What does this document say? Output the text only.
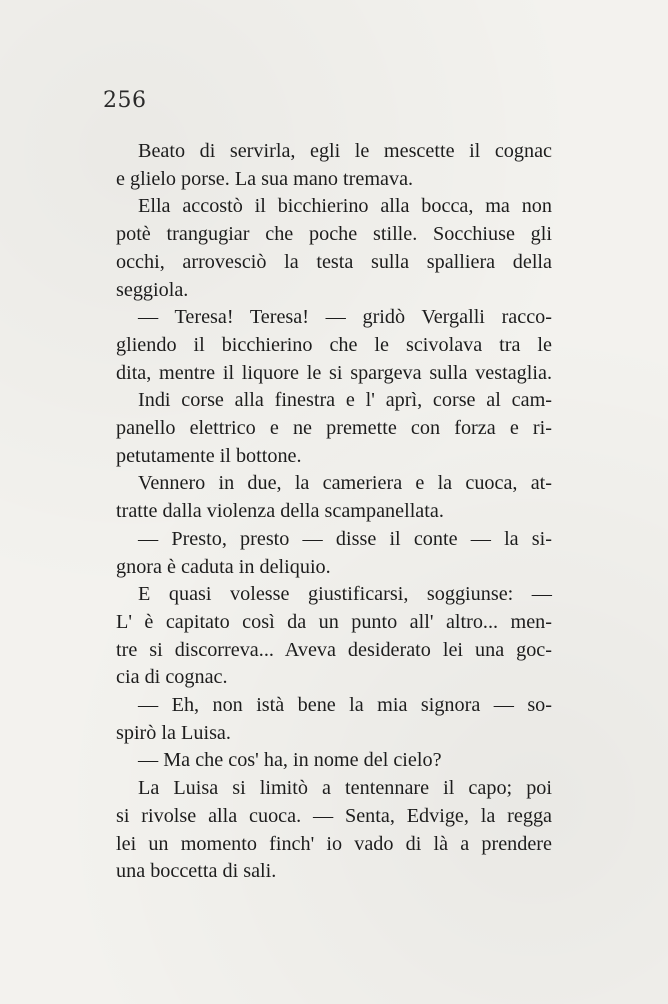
256
Beato di servirla, egli le mescette il cognac
e glielo porse. La sua mano tremava.
Ella accostò il bicchierino alla bocca, ma non
potè trangugiar che poche stille. Socchiuse gli
occhi, arrovesciò la testa sulla spalliera della
seggiola.
— Teresa! Teresa! — gridò Vergalli racco-
gliendo il bicchierino che le scivolava tra le
dita, mentre il liquore le si spargeva sulla vestaglia.
Indi corse alla finestra e l' aprì, corse al cam-
panello elettrico e ne premette con forza e ri-
petutamente il bottone.
Vennero in due, la cameriera e la cuoca, at-
tratte dalla violenza della scampanellata.
— Presto, presto — disse il conte — la si-
gnora è caduta in deliquio.
E quasi volesse giustificarsi, soggiunse: —
L' è capitato così da un punto all' altro... men-
tre si discorreva... Aveva desiderato lei una goc-
cia di cognac.
— Eh, non istà bene la mia signora — so-
spirò la Luisa.
— Ma che cos' ha, in nome del cielo?
La Luisa si limitò a tentennare il capo; poi
si rivolse alla cuoca. — Senta, Edvige, la regga
lei un momento finch' io vado di là a prendere
una boccetta di sali.
